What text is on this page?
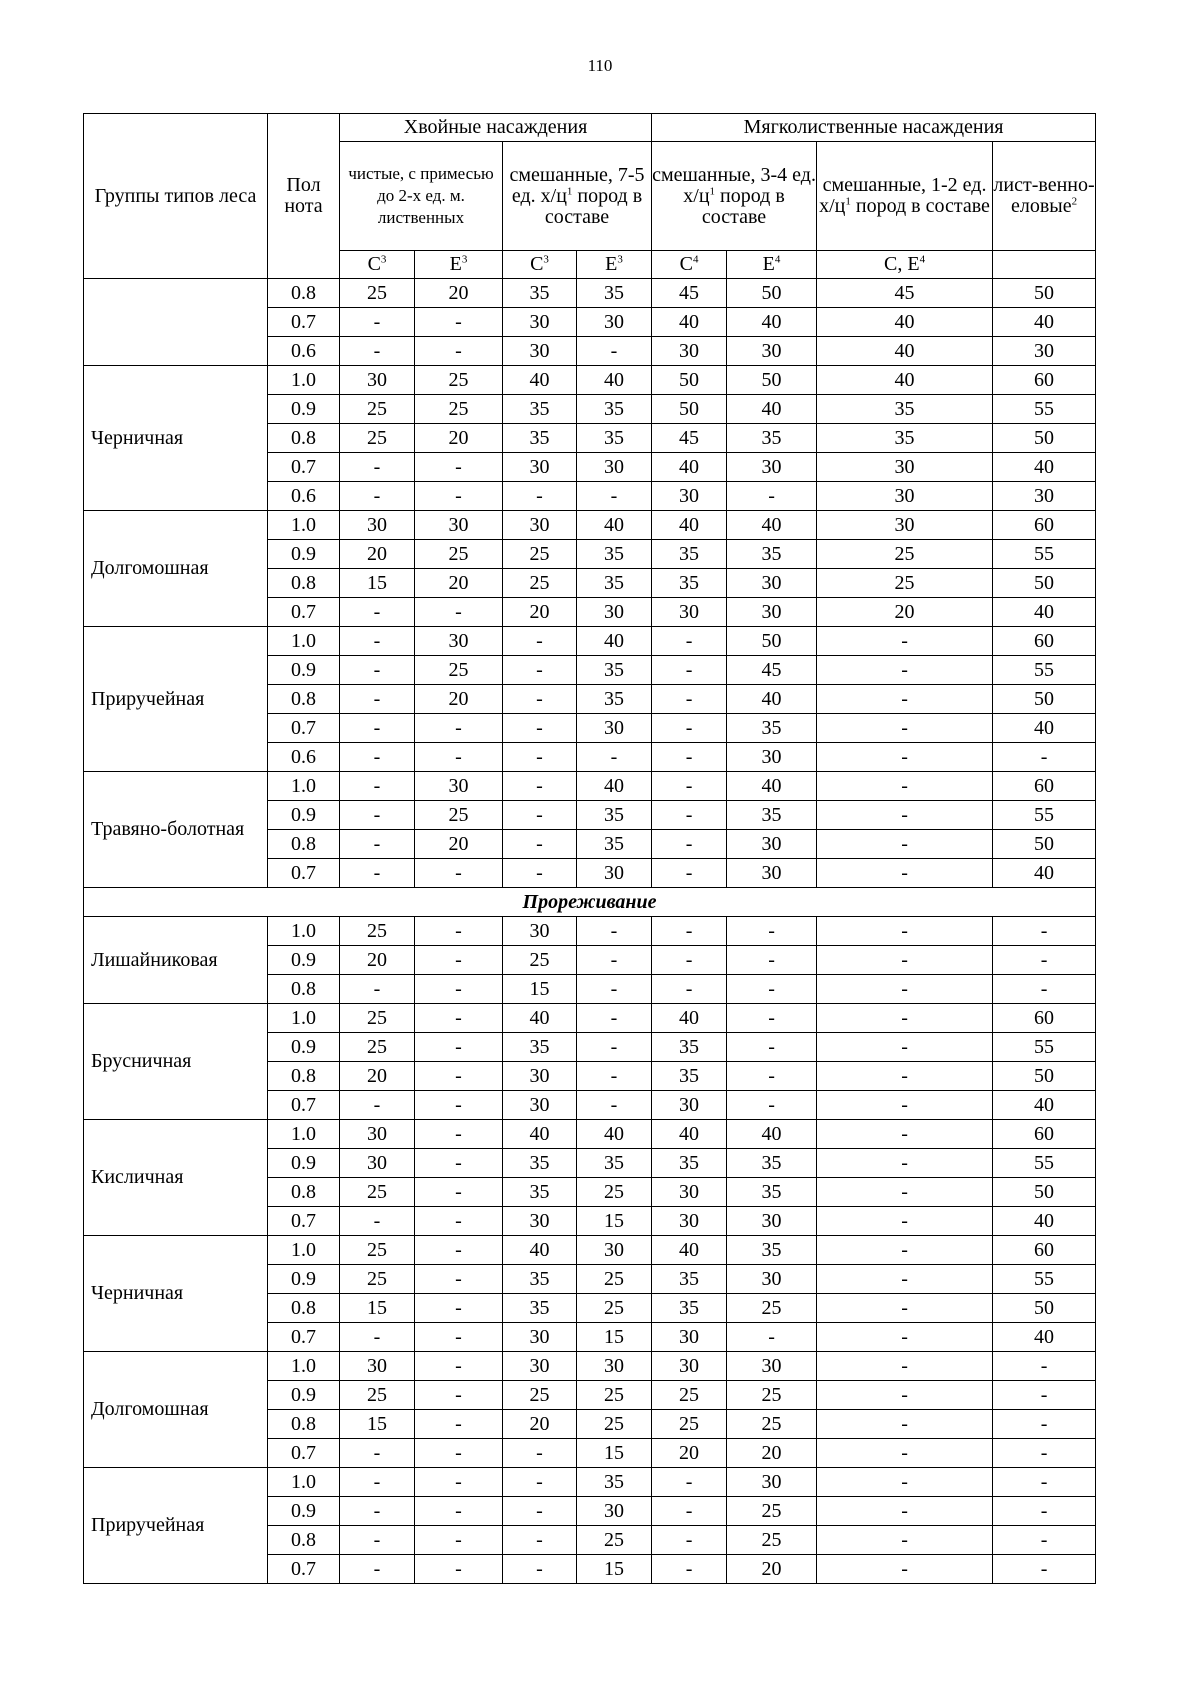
110
Группы типов леса	Пол нота	Хвойные насаждения				Мягколиственные насаждения			
		чистые, с примесью до 2-х ед. м. лиственных		смешанные, 7-5 ед. $х/ц^1$ пород в составе		смешанные, 3-4 ед. $х/ц^1$ пород в составе		смешанные, 1-2 ед. $х/ц^1$ пород в составе	лист-венно-еловые$^2$
		$С^3$	$Е^3$	$С^3$	$Е^3$	$С^4$	$Е^4$	С, $Е^4$	
	0.8	25	20	35	35	45	50	45	50
	0.7	-	-	30	30	40	40	40	40
	0.6	-	-	30	-	30	30	40	30
Черничная	1.0	30	25	40	40	50	50	40	60
	0.9	25	25	35	35	50	40	35	55
	0.8	25	20	35	35	45	35	35	50
	0.7	-	-	30	30	40	30	30	40
	0.6	-	-	-	-	30	-	30	30
Долгомошная	1.0	30	30	30	40	40	40	30	60
	0.9	20	25	25	35	35	35	25	55
	0.8	15	20	25	35	35	30	25	50
	0.7	-	-	20	30	30	30	20	40
Приручейная	1.0	-	30	-	40	-	50	-	60
	0.9	-	25	-	35	-	45	-	55
	0.8	-	20	-	35	-	40	-	50
	0.7	-	-	-	30	-	35	-	40
	0.6	-	-	-	-	-	30	-	-
Травяно-болотная	1.0	-	30	-	40	-	40	-	60
	0.9	-	25	-	35	-	35	-	55
	0.8	-	20	-	35	-	30	-	50
	0.7	-	-	-	30	-	30	-	40
Прореживание									
Лишайниковая	1.0	25	-	30	-	-	-	-	-
	0.9	20	-	25	-	-	-	-	-
	0.8	-	-	15	-	-	-	-	-
Брусничная	1.0	25	-	40	-	40	-	-	60
	0.9	25	-	35	-	35	-	-	55
	0.8	20	-	30	-	35	-	-	50
	0.7	-	-	30	-	30	-	-	40
Кисличная	1.0	30	-	40	40	40	40	-	60
	0.9	30	-	35	35	35	35	-	55
	0.8	25	-	35	25	30	35	-	50
	0.7	-	-	30	15	30	30	-	40
Черничная	1.0	25	-	40	30	40	35	-	60
	0.9	25	-	35	25	35	30	-	55
	0.8	15	-	35	25	35	25	-	50
	0.7	-	-	30	15	30	-	-	40
Долгомошная	1.0	30	-	30	30	30	30	-	-
	0.9	25	-	25	25	25	25	-	-
	0.8	15	-	20	25	25	25	-	-
	0.7	-	-	-	15	20	20	-	-
Приручейная	1.0	-	-	-	35	-	30	-	-
	0.9	-	-	-	30	-	25	-	-
	0.8	-	-	-	25	-	25	-	-
	0.7	-	-	-	15	-	20	-	-
